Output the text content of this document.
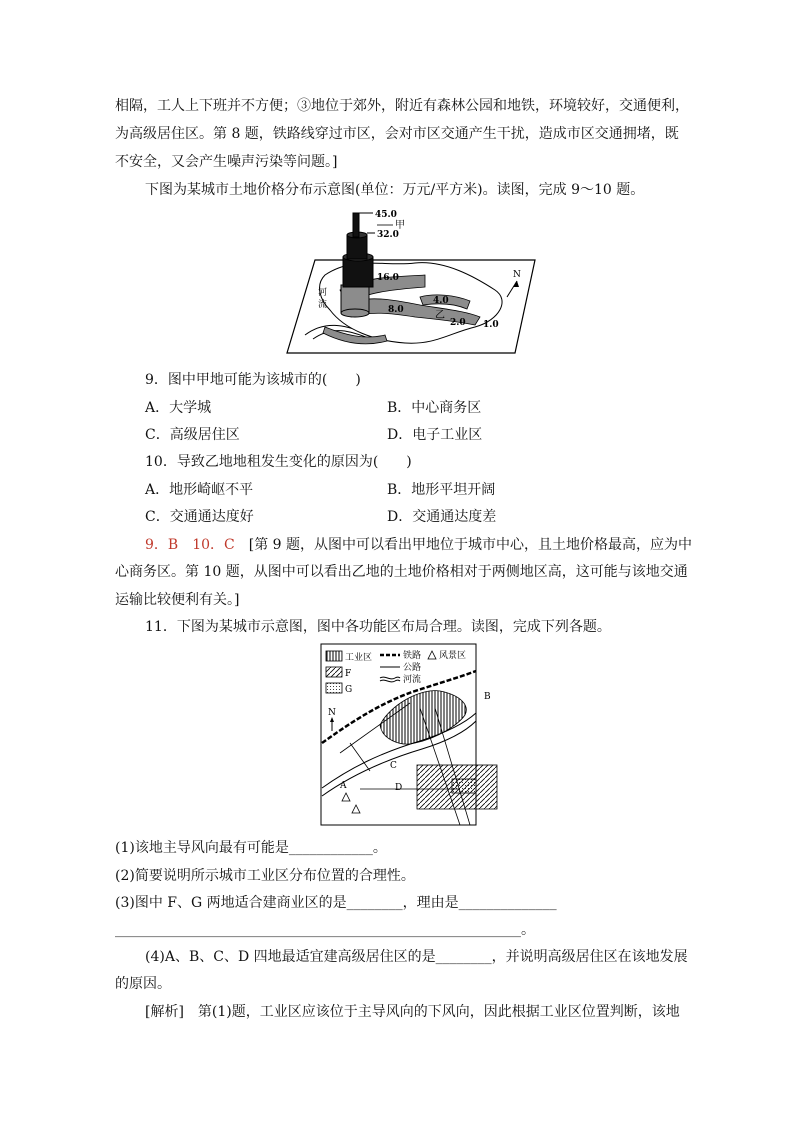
相隔，工人上下班并不方便；③地位于郊外，附近有森林公园和地铁，环境较好，交通便利，
为高级居住区。第 8 题，铁路线穿过市区，会对市区交通产生干扰，造成市区交通拥堵，既
不安全，又会产生噪声污染等问题。]
下图为某城市土地价格分布示意图(单位：万元/平方米)。读图，完成 9～10 题。
45.0
32.0
甲
16.0
8.0
4.0
乙
2.0 1.0
河
流
N
9．图中甲地可能为该城市的(　　)
A．大学城	B．中心商务区
C．高级居住区	D．电子工业区
10．导致乙地地租发生变化的原因为(　　)
A．地形崎岖不平	B．地形平坦开阔
C．交通通达度好	D．交通通达度差
9．B　10．C　[第 9 题，从图中可以看出甲地位于城市中心，且土地价格最高，应为中
心商务区。第 10 题，从图中可以看出乙地的土地价格相对于两侧地区高，这可能与该地交通
运输比较便利有关。]
11．下图为某城市示意图，图中各功能区布局合理。读图，完成下列各题。
工业区
F
G
铁路
公路
河流
风景区
N
A
B
C
D
(1)该地主导风向最有可能是____________。
(2)简要说明所示城市工业区分布位置的合理性。
(3)图中 F、G 两地适合建商业区的是________，理由是______________
__________________________________________________________。
(4)A、B、C、D 四地最适宜建高级居住区的是________，并说明高级居住区在该地发展
的原因。
[解析]　第(1)题，工业区应该位于主导风向的下风向，因此根据工业区位置判断，该地
